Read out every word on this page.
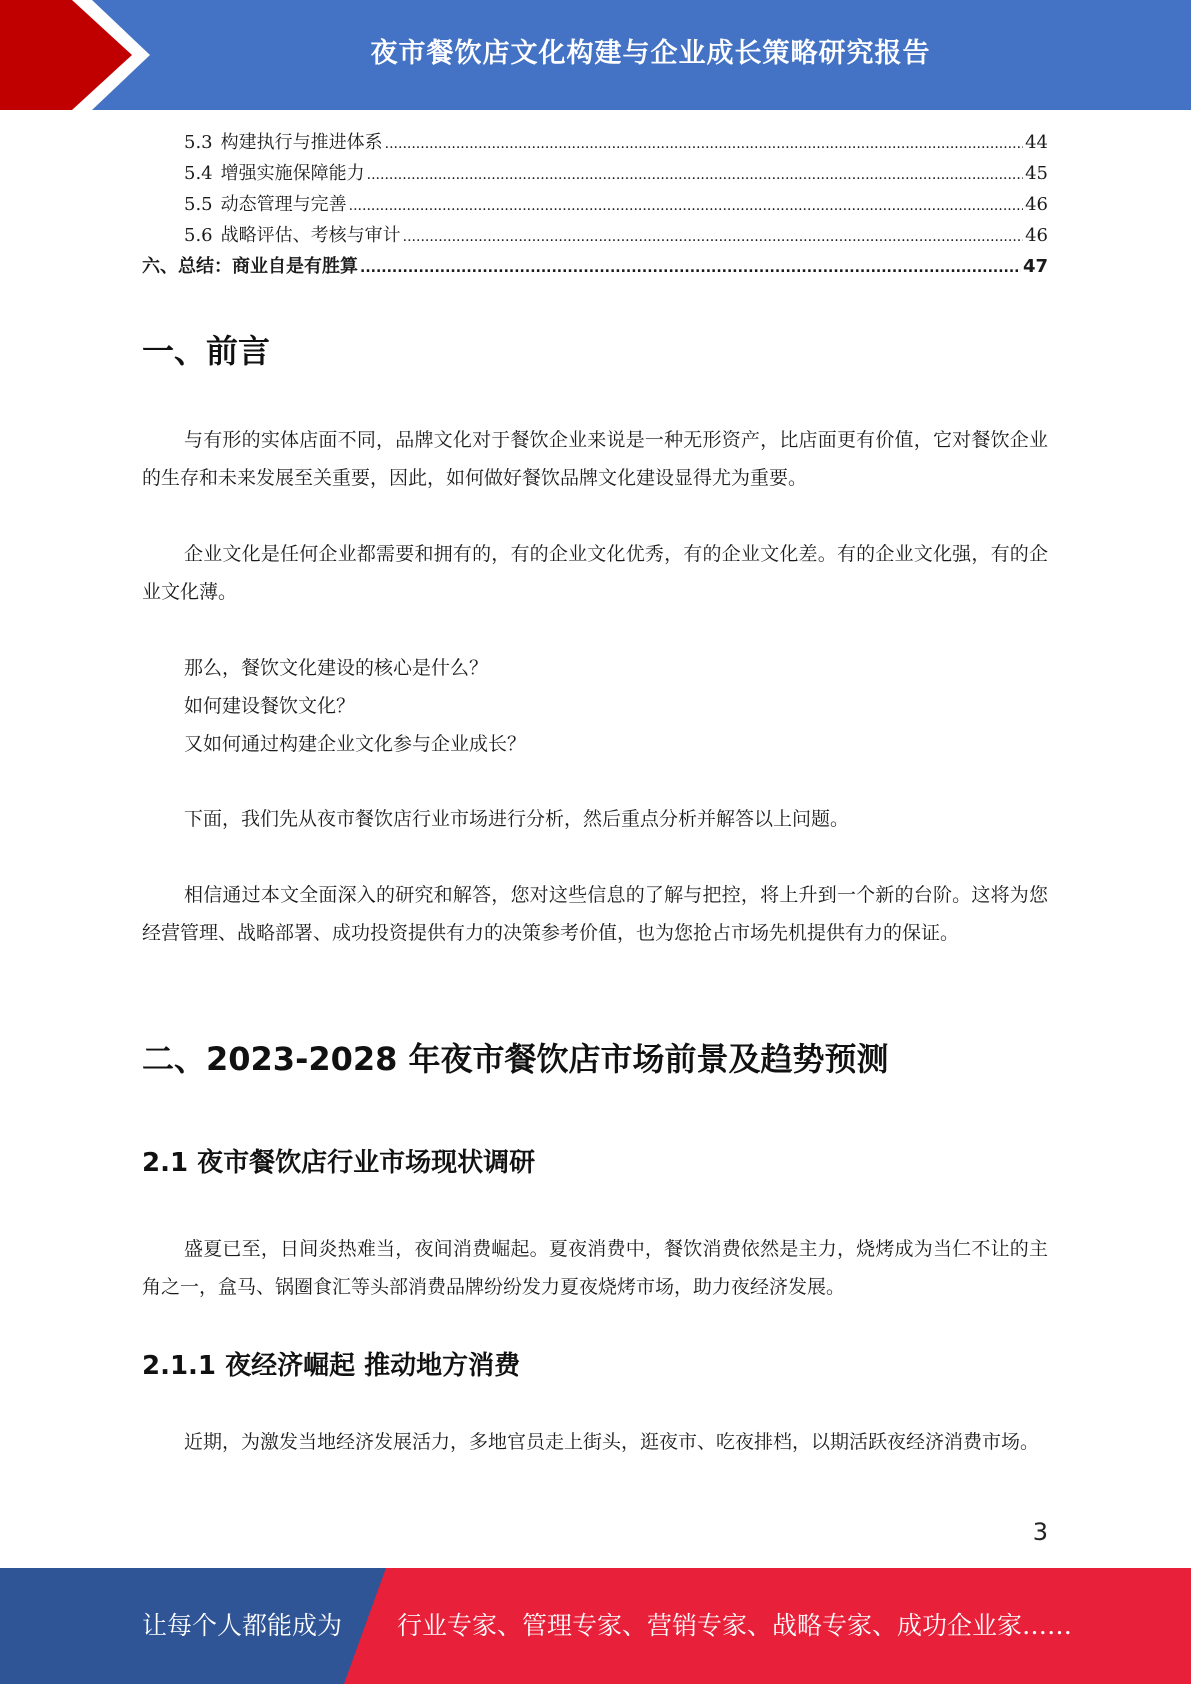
夜市餐饮店文化构建与企业成长策略研究报告
5.3 构建执行与推进体系 .....	44
5.4 增强实施保障能力 .....	45
5.5 动态管理与完善 .....	46
5.6 战略评估、考核与审计 .....	46
六、总结：商业自是有胜算 .....	47
一、前言
与有形的实体店面不同，品牌文化对于餐饮企业来说是一种无形资产，比店面更有价值，它对餐饮企业的生存和未来发展至关重要，因此，如何做好餐饮品牌文化建设显得尤为重要。
企业文化是任何企业都需要和拥有的，有的企业文化优秀，有的企业文化差。有的企业文化强，有的企业文化薄。
那么，餐饮文化建设的核心是什么？
如何建设餐饮文化？
又如何通过构建企业文化参与企业成长？
下面，我们先从夜市餐饮店行业市场进行分析，然后重点分析并解答以上问题。
相信通过本文全面深入的研究和解答，您对这些信息的了解与把控，将上升到一个新的台阶。这将为您经营管理、战略部署、成功投资提供有力的决策参考价值，也为您抢占市场先机提供有力的保证。
二、2023-2028 年夜市餐饮店市场前景及趋势预测
2.1 夜市餐饮店行业市场现状调研
盛夏已至，日间炎热难当，夜间消费崛起。夏夜消费中，餐饮消费依然是主力，烧烤成为当仁不让的主角之一，盒马、锅圈食汇等头部消费品牌纷纷发力夏夜烧烤市场，助力夜经济发展。
2.1.1 夜经济崛起 推动地方消费
近期，为激发当地经济发展活力，多地官员走上街头，逛夜市、吃夜排档，以期活跃夜经济消费市场。
3
让每个人都能成为 行业专家、管理专家、营销专家、战略专家、成功企业家……
